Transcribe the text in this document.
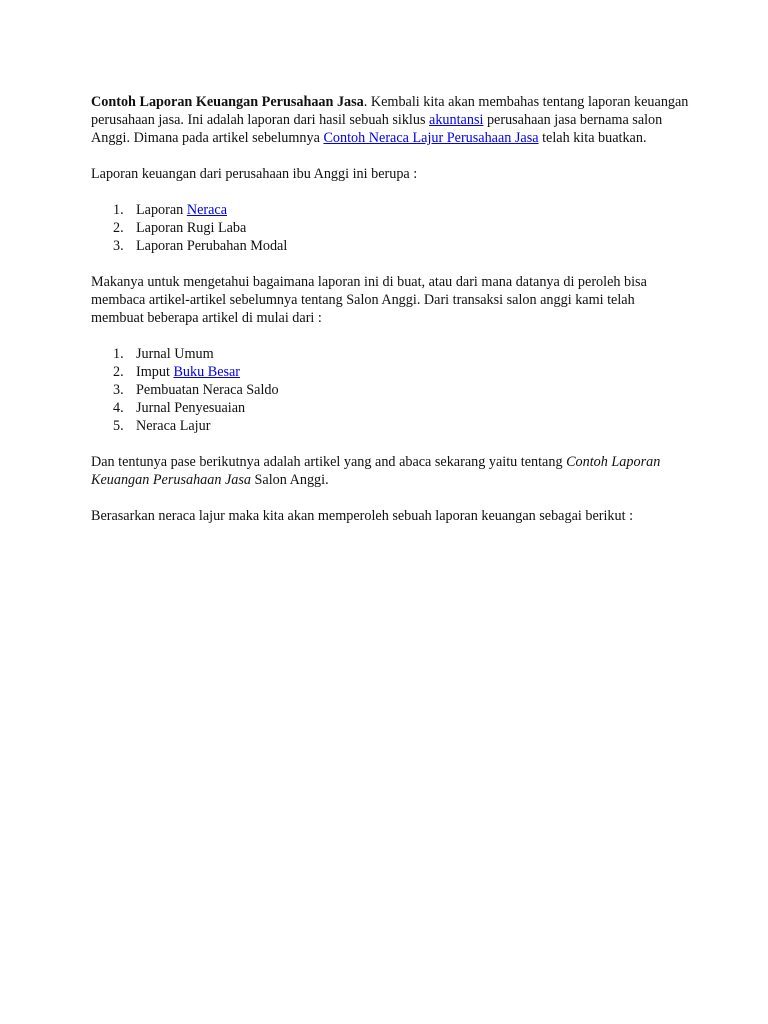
Contoh Laporan Keuangan Perusahaan Jasa. Kembali kita akan membahas tentang laporan keuangan perusahaan jasa. Ini adalah laporan dari hasil sebuah siklus akuntansi perusahaan jasa bernama salon Anggi. Dimana pada artikel sebelumnya Contoh Neraca Lajur Perusahaan Jasa telah kita buatkan.

Laporan keuangan dari perusahaan ibu Anggi ini berupa :

1. Laporan Neraca
2. Laporan Rugi Laba
3. Laporan Perubahan Modal

Makanya untuk mengetahui bagaimana laporan ini di buat, atau dari mana datanya di peroleh bisa membaca artikel-artikel sebelumnya tentang Salon Anggi. Dari transaksi salon anggi kami telah membuat beberapa artikel di mulai dari :

1. Jurnal Umum
2. Imput Buku Besar
3. Pembuatan Neraca Saldo
4. Jurnal Penyesuaian
5. Neraca Lajur

Dan tentunya pase berikutnya adalah artikel yang and abaca sekarang yaitu tentang Contoh Laporan Keuangan Perusahaan Jasa Salon Anggi.

Berasarkan neraca lajur maka kita akan memperoleh sebuah laporan keuangan sebagai berikut :
